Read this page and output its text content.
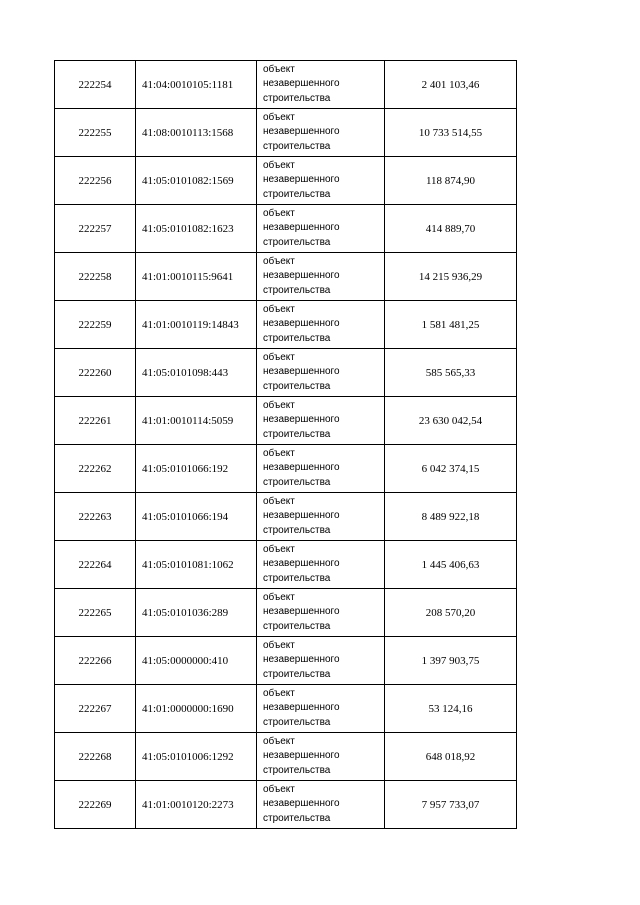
222254	41:04:0010105:1181	объект незавершенного строительства	2 401 103,46
222255	41:08:0010113:1568	объект незавершенного строительства	10 733 514,55
222256	41:05:0101082:1569	объект незавершенного строительства	118 874,90
222257	41:05:0101082:1623	объект незавершенного строительства	414 889,70
222258	41:01:0010115:9641	объект незавершенного строительства	14 215 936,29
222259	41:01:0010119:14843	объект незавершенного строительства	1 581 481,25
222260	41:05:0101098:443	объект незавершенного строительства	585 565,33
222261	41:01:0010114:5059	объект незавершенного строительства	23 630 042,54
222262	41:05:0101066:192	объект незавершенного строительства	6 042 374,15
222263	41:05:0101066:194	объект незавершенного строительства	8 489 922,18
222264	41:05:0101081:1062	объект незавершенного строительства	1 445 406,63
222265	41:05:0101036:289	объект незавершенного строительства	208 570,20
222266	41:05:0000000:410	объект незавершенного строительства	1 397 903,75
222267	41:01:0000000:1690	объект незавершенного строительства	53 124,16
222268	41:05:0101006:1292	объект незавершенного строительства	648 018,92
222269	41:01:0010120:2273	объект незавершенного строительства	7 957 733,07
